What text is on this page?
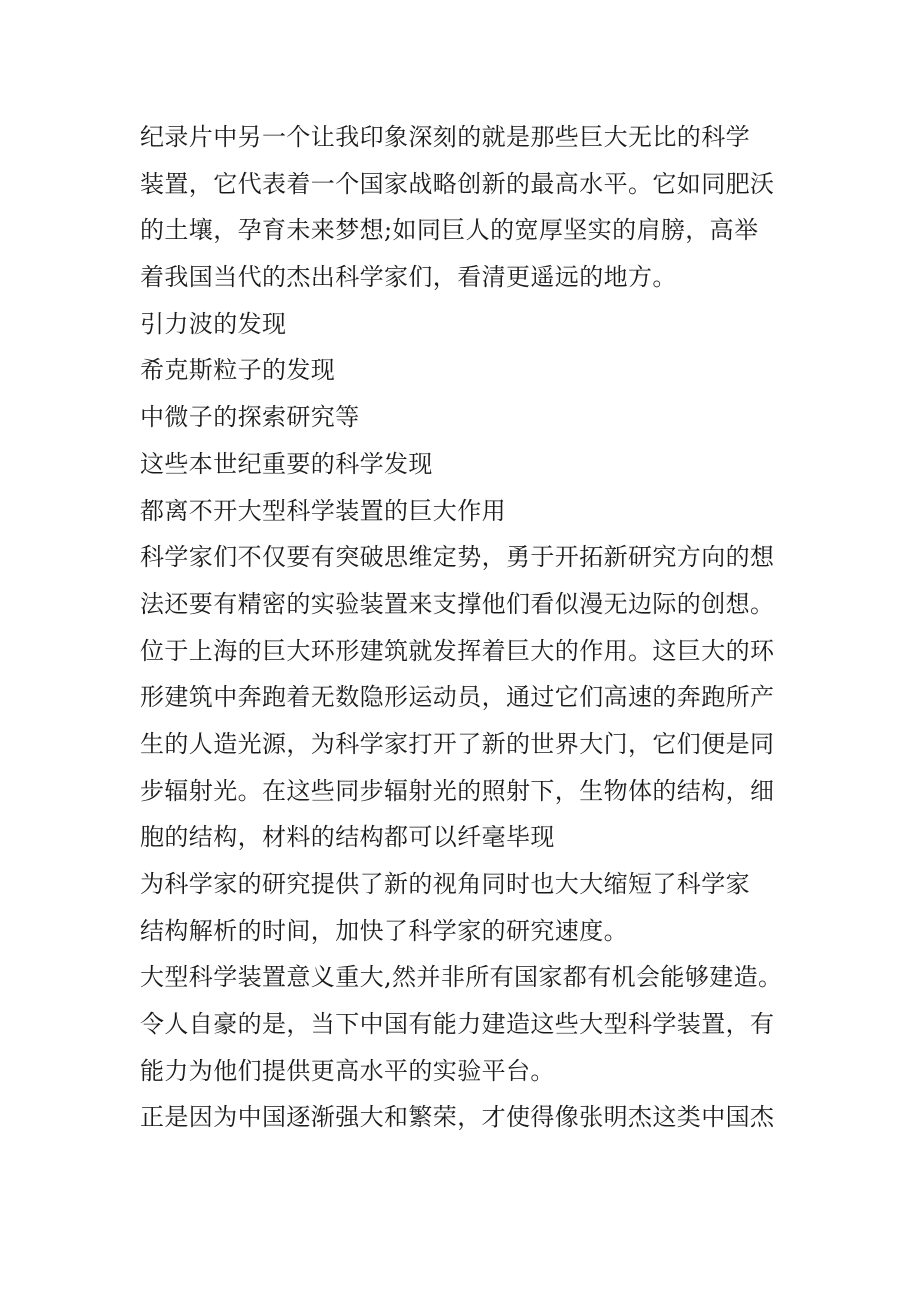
纪录片中另一个让我印象深刻的就是那些巨大无比的科学
装置，它代表着一个国家战略创新的最高水平。它如同肥沃
的土壤，孕育未来梦想;如同巨人的宽厚坚实的肩膀，高举
着我国当代的杰出科学家们，看清更遥远的地方。
引力波的发现
希克斯粒子的发现
中微子的探索研究等
这些本世纪重要的科学发现
都离不开大型科学装置的巨大作用
科学家们不仅要有突破思维定势，勇于开拓新研究方向的想
法还要有精密的实验装置来支撑他们看似漫无边际的创想。
位于上海的巨大环形建筑就发挥着巨大的作用。这巨大的环
形建筑中奔跑着无数隐形运动员，通过它们高速的奔跑所产
生的人造光源，为科学家打开了新的世界大门，它们便是同
步辐射光。在这些同步辐射光的照射下，生物体的结构，细
胞的结构，材料的结构都可以纤毫毕现
为科学家的研究提供了新的视角同时也大大缩短了科学家
结构解析的时间，加快了科学家的研究速度。
大型科学装置意义重大,然并非所有国家都有机会能够建造。
令人自豪的是，当下中国有能力建造这些大型科学装置，有
能力为他们提供更高水平的实验平台。
正是因为中国逐渐强大和繁荣，才使得像张明杰这类中国杰
